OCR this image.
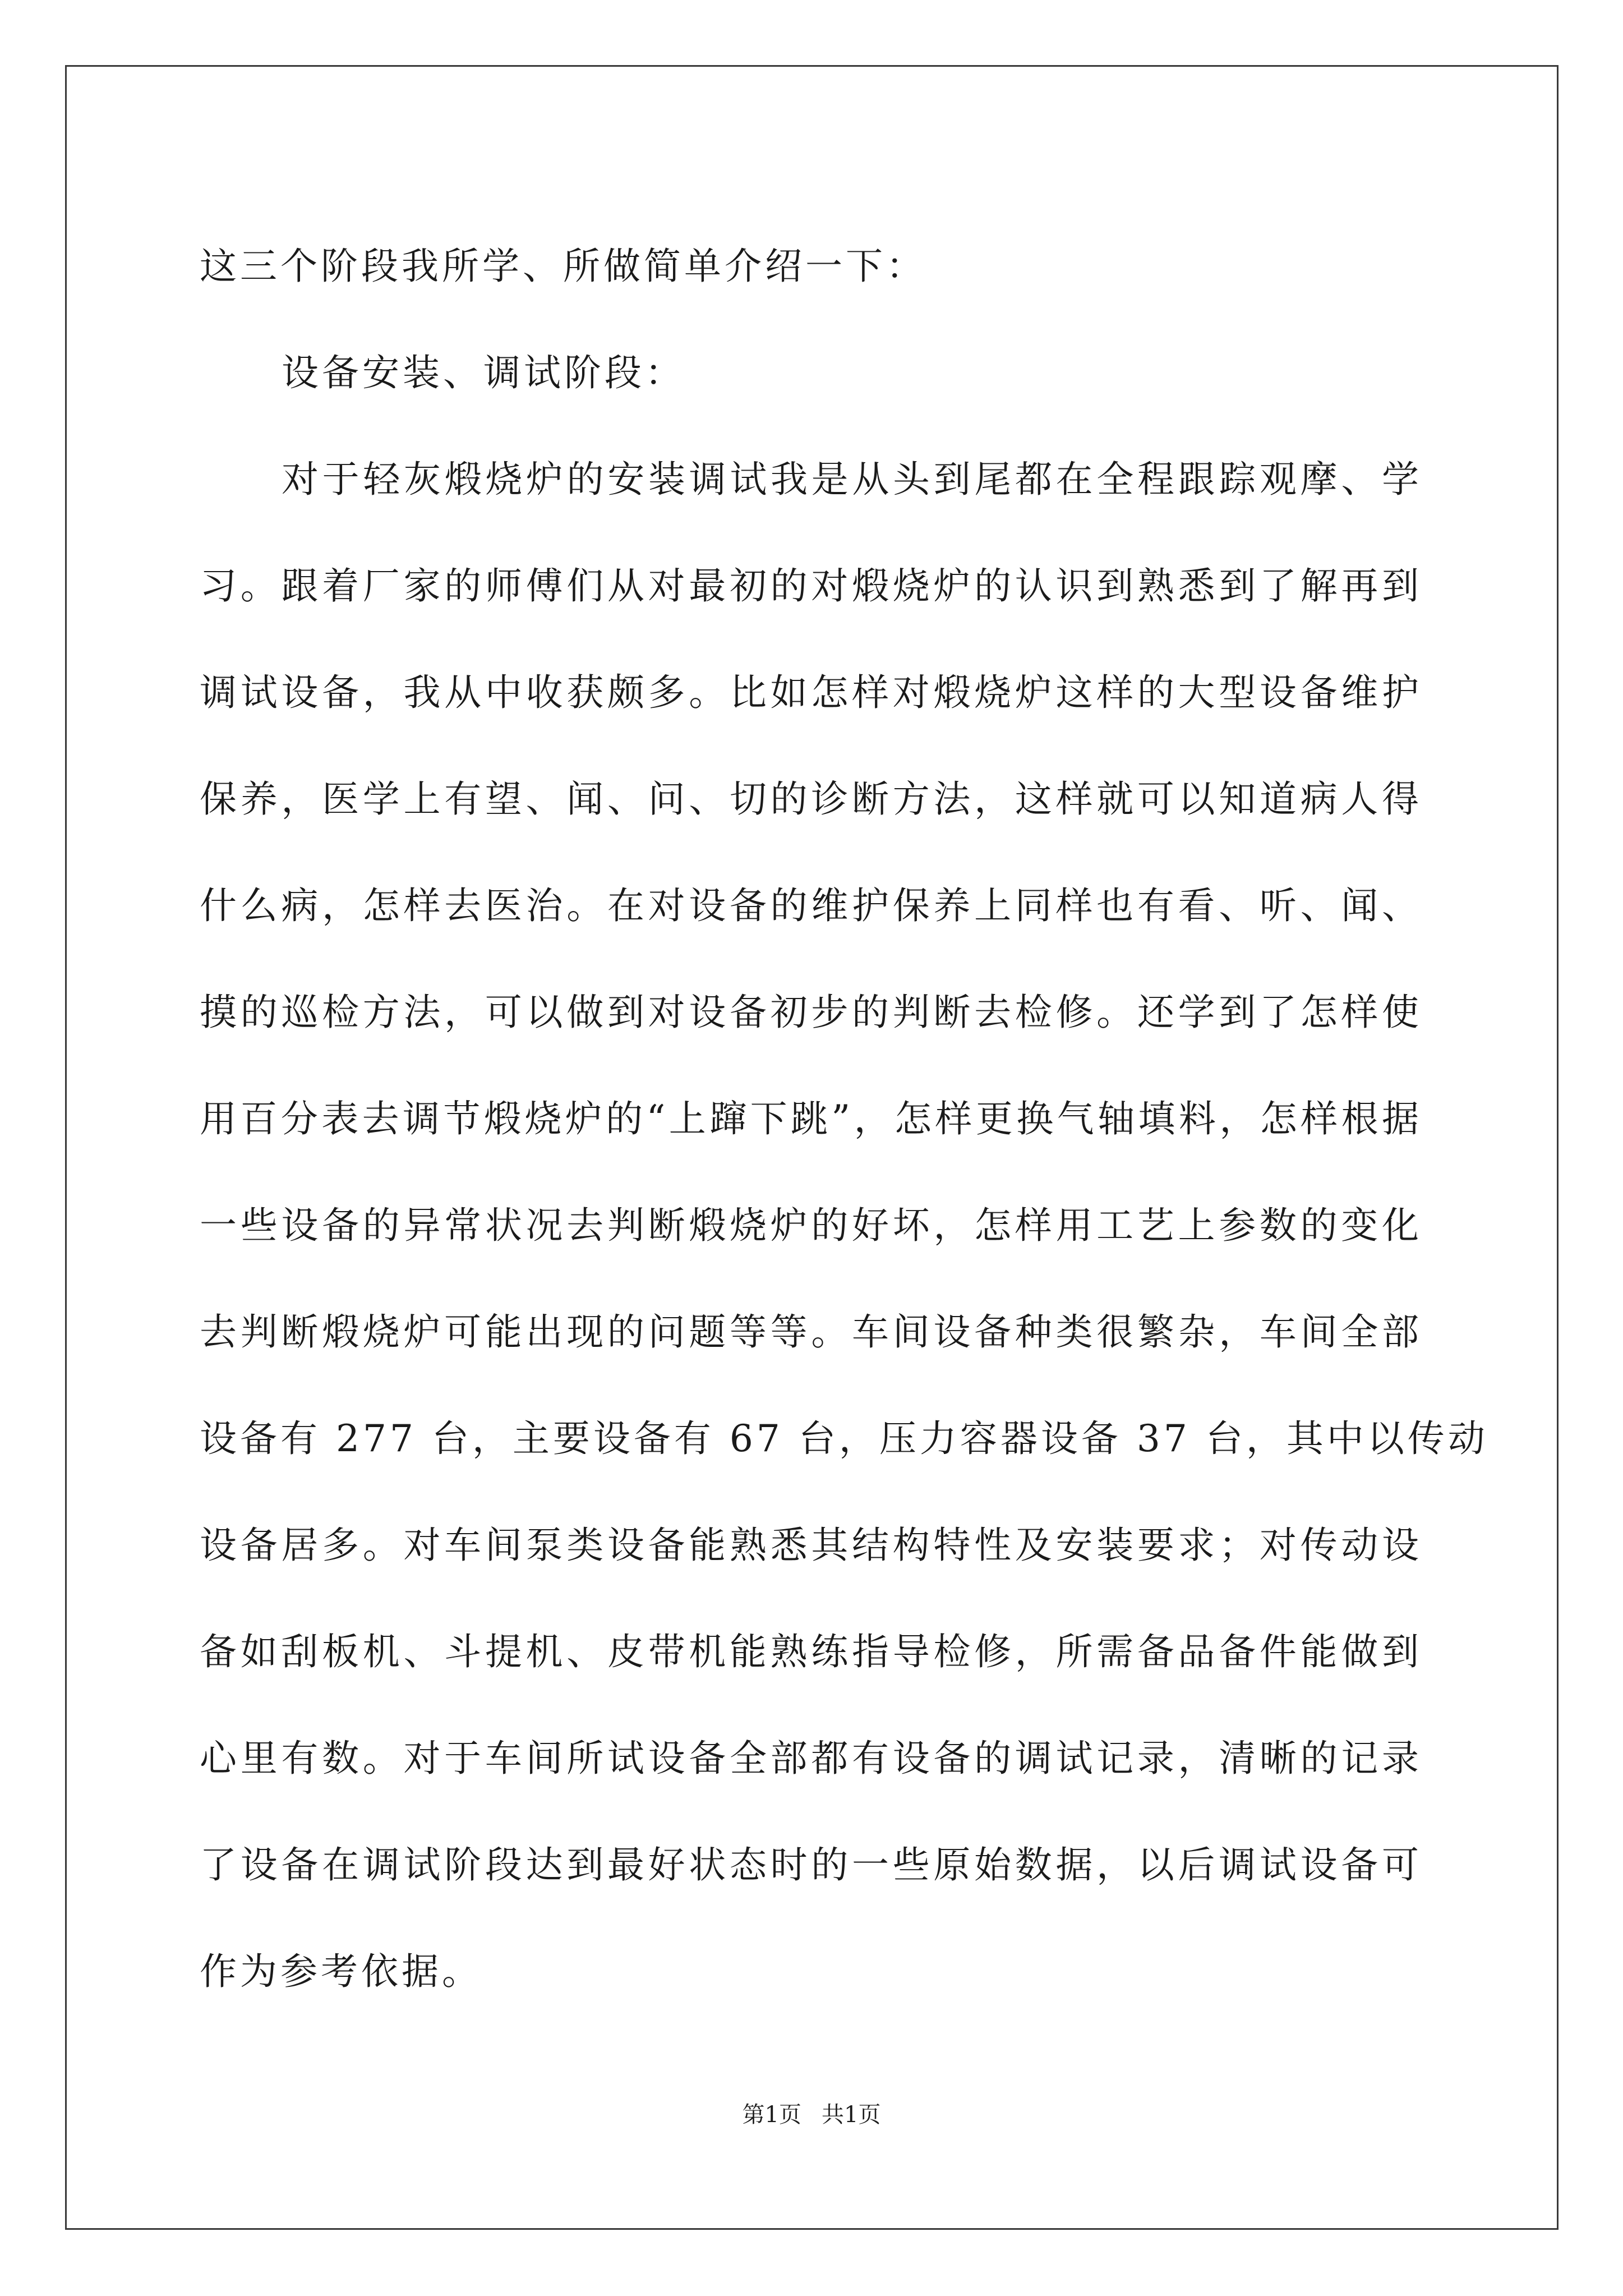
这三个阶段我所学、所做简单介绍一下：

设备安装、调试阶段：

对于轻灰煅烧炉的安装调试我是从头到尾都在全程跟踪观摩、学
习。跟着厂家的师傅们从对最初的对煅烧炉的认识到熟悉到了解再到
调试设备，我从中收获颇多。比如怎样对煅烧炉这样的大型设备维护
保养，医学上有望、闻、问、切的诊断方法，这样就可以知道病人得
什么病，怎样去医治。在对设备的维护保养上同样也有看、听、闻、
摸的巡检方法，可以做到对设备初步的判断去检修。还学到了怎样使
用百分表去调节煅烧炉的“上蹿下跳”，怎样更换气轴填料，怎样根据
一些设备的异常状况去判断煅烧炉的好坏，怎样用工艺上参数的变化
去判断煅烧炉可能出现的问题等等。车间设备种类很繁杂，车间全部
设备有 277 台，主要设备有 67 台，压力容器设备 37 台，其中以传动
设备居多。对车间泵类设备能熟悉其结构特性及安装要求；对传动设
备如刮板机、斗提机、皮带机能熟练指导检修，所需备品备件能做到
心里有数。对于车间所试设备全部都有设备的调试记录，清晰的记录
了设备在调试阶段达到最好状态时的一些原始数据，以后调试设备可
作为参考依据。

第1页 共1页
